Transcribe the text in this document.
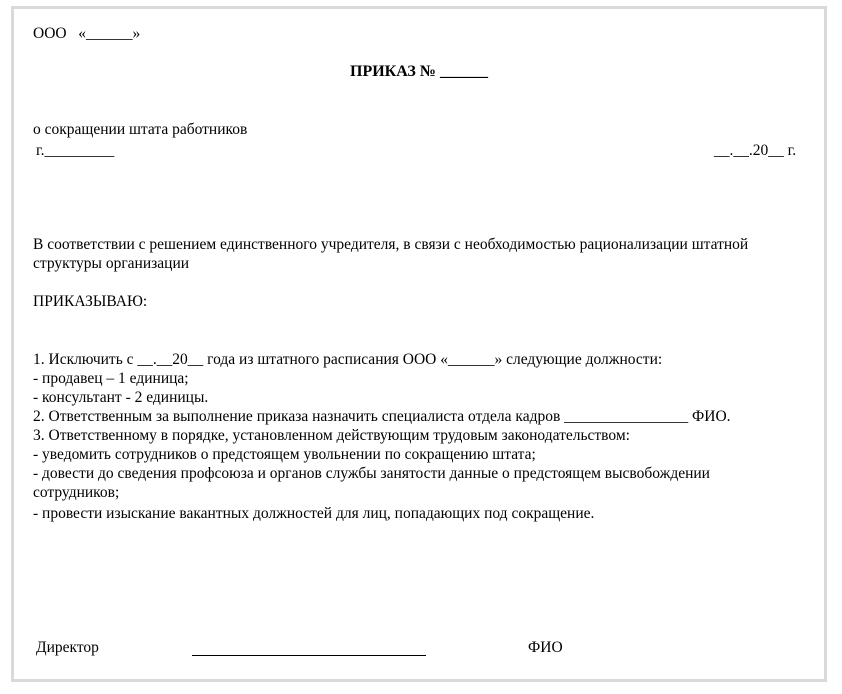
ООО   «______»
ПРИКАЗ № ______
о сокращении штата работников
г._________	__.__.20__ г.
В соответствии с решением единственного учредителя, в связи с необходимостью рационализации штатной
структуры организации
ПРИКАЗЫВАЮ:
1. Исключить с __.__20__ года из штатного расписания ООО «______» следующие должности:
- продавец – 1 единица;
- консультант - 2 единицы.
2. Ответственным за выполнение приказа назначить специалиста отдела кадров ________________ ФИО.
3. Ответственному в порядке, установленном действующим трудовым законодательством:
- уведомить сотрудников о предстоящем увольнении по сокращению штата;
- довести до сведения профсоюза и органов службы занятости данные о предстоящем высвобождении
сотрудников;
- провести изыскание вакантных должностей для лиц, попадающих под сокращение.
Директор	ФИО
